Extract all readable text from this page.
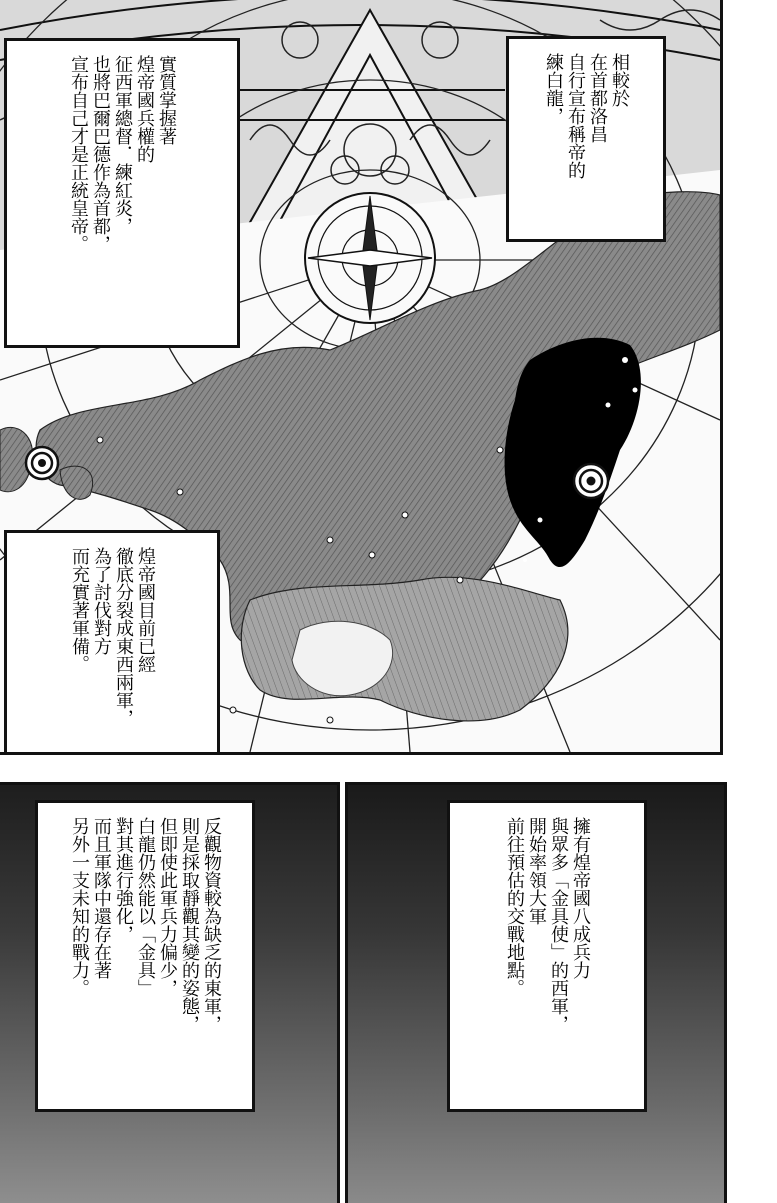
實質掌握著
煌帝國兵權的
征西軍總督．練紅炎，
也將巴爾巴德作為首都，
宣布自己才是正統皇帝。	相較於
在首都洛昌
自行宣布稱帝的
練白龍，
煌帝國目前已經
徹底分裂成東西兩軍，
為了討伐對方
而充實著軍備。
反觀物資較為缺乏的東軍，
則是採取靜觀其變的姿態，
但即使此軍兵力偏少，
白龍仍然能以「金具」
對其進行強化，
而且軍隊中還存在著
另外一支未知的戰力。	擁有煌帝國八成兵力
與眾多「金具使」的西軍，
開始率領大軍
前往預估的交戰地點。
